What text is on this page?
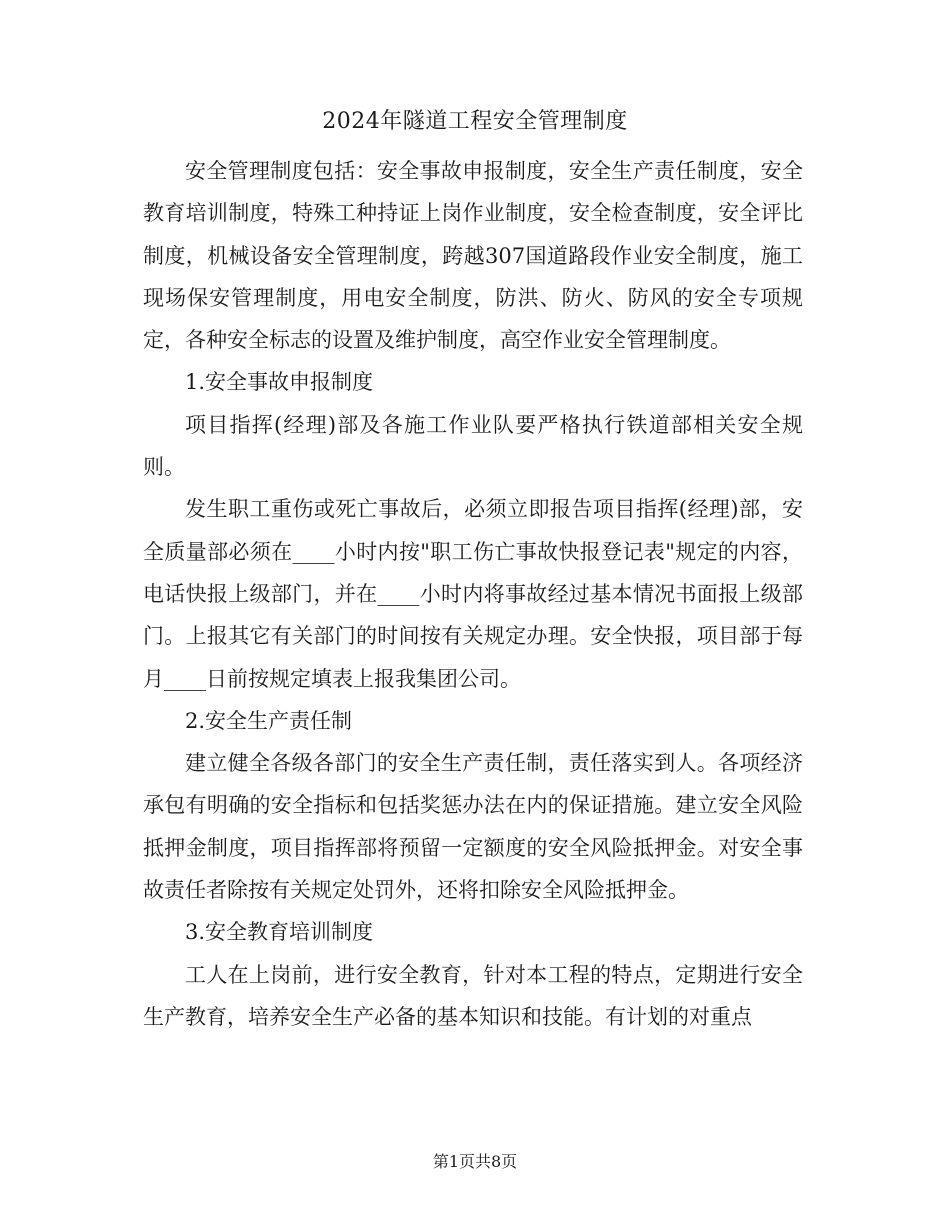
2024年隧道工程安全管理制度

安全管理制度包括：安全事故申报制度，安全生产责任制度，安全教育培训制度，特殊工种持证上岗作业制度，安全检查制度，安全评比制度，机械设备安全管理制度，跨越307国道路段作业安全制度，施工现场保安管理制度，用电安全制度，防洪、防火、防风的安全专项规定，各种安全标志的设置及维护制度，高空作业安全管理制度。

1.安全事故申报制度

项目指挥(经理)部及各施工作业队要严格执行铁道部相关安全规则。

发生职工重伤或死亡事故后，必须立即报告项目指挥(经理)部，安全质量部必须在____小时内按"职工伤亡事故快报登记表"规定的内容，电话快报上级部门，并在____小时内将事故经过基本情况书面报上级部门。上报其它有关部门的时间按有关规定办理。安全快报，项目部于每月____日前按规定填表上报我集团公司。

2.安全生产责任制

建立健全各级各部门的安全生产责任制，责任落实到人。各项经济承包有明确的安全指标和包括奖惩办法在内的保证措施。建立安全风险抵押金制度，项目指挥部将预留一定额度的安全风险抵押金。对安全事故责任者除按有关规定处罚外，还将扣除安全风险抵押金。

3.安全教育培训制度

工人在上岗前，进行安全教育，针对本工程的特点，定期进行安全生产教育，培养安全生产必备的基本知识和技能。有计划的对重点

第1页共8页
